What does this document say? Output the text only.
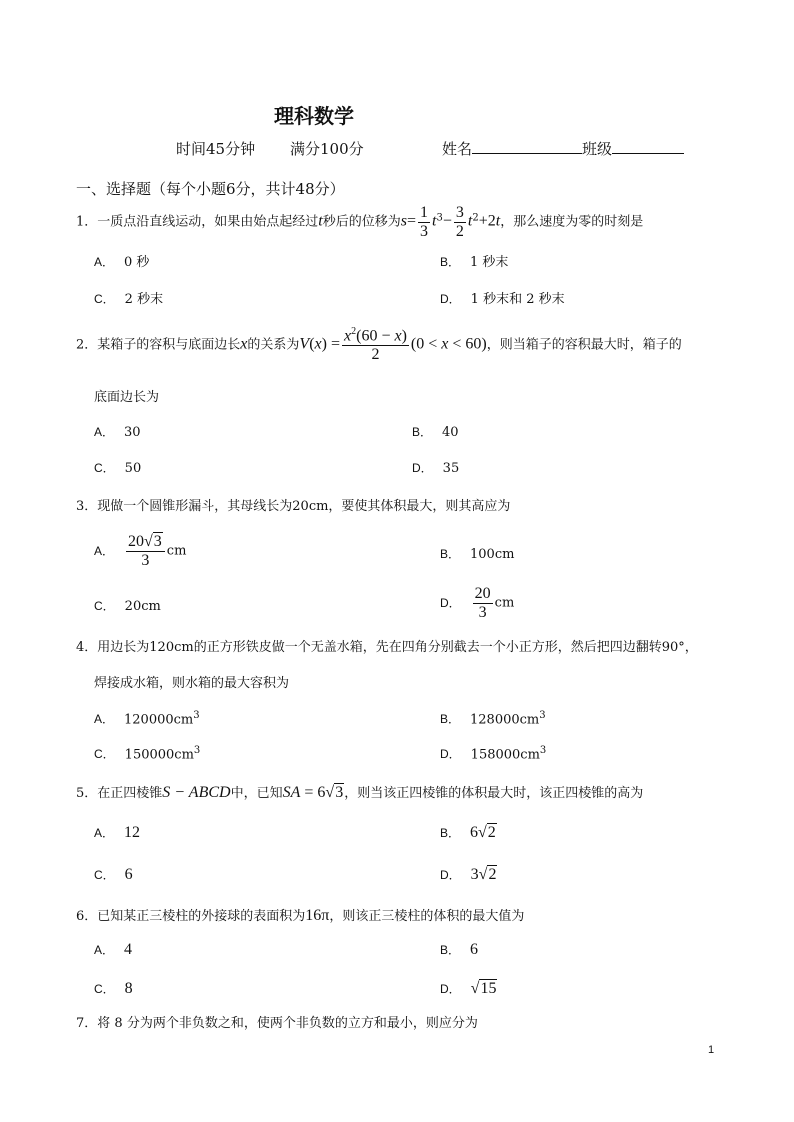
理科数学
时间45分钟 满分100分	姓名	班级
一、选择题（每个小题6分，共计48分）
1．一质点沿直线运动，如果由始点起经过t秒后的位移为$s= \frac{1}{3} t^3- \frac{3}{2} t^2+2t$，那么速度为零的时刻是
A． 0 秒	B． 1 秒末
C． 2 秒末	D． 1 秒末和 2 秒末
2．某箱子的容积与底面边长x的关系为$V(x) = \frac{x^2(60 - x)}{2} (0 < x < 60)$，则当箱子的容积最大时，箱子的
底面边长为
A． 30	B． 40
C． 50	D． 35
3．现做一个圆锥形漏斗，其母线长为20cm，要使其体积最大，则其高应为
A． $\frac{20√3}{3}$ cm	B． 100cm
C． 20cm	D． $\frac{20}{3}$ cm
4．用边长为120cm的正方形铁皮做一个无盖水箱，先在四角分别截去一个小正方形，然后把四边翻转90°，
焊接成水箱，则水箱的最大容积为
A． $120000cm^3$	B． $128000cm^3$
C． $150000cm^3$	D． $158000cm^3$
5．在正四棱锥S − ABCD中，已知SA = 6√3，则当该正四棱锥的体积最大时，该正四棱锥的高为
A． 12	B． 6√2
C． 6	D． 3√2
6．已知某正三棱柱的外接球的表面积为16π，则该正三棱柱的体积的最大值为
A． 4	B． 6
C． 8	D． √15
7．将 8 分为两个非负数之和，使两个非负数的立方和最小，则应分为
1
